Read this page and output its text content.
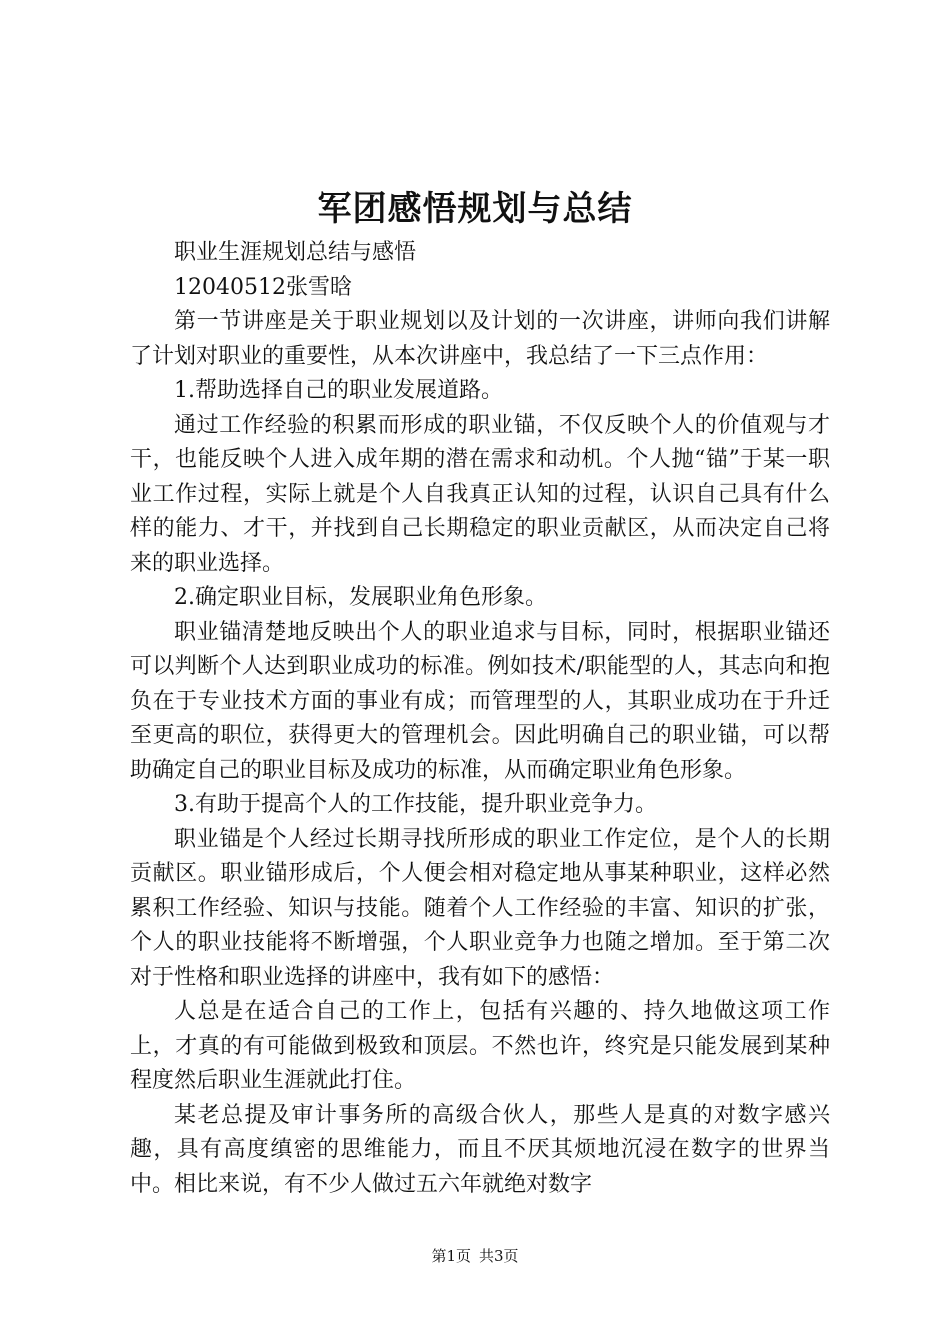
军团感悟规划与总结

职业生涯规划总结与感悟

12040512张雪晗

第一节讲座是关于职业规划以及计划的一次讲座，讲师向我们讲解了计划对职业的重要性，从本次讲座中，我总结了一下三点作用：

1.帮助选择自己的职业发展道路。

通过工作经验的积累而形成的职业锚，不仅反映个人的价值观与才干，也能反映个人进入成年期的潜在需求和动机。个人抛“锚”于某一职业工作过程，实际上就是个人自我真正认知的过程，认识自己具有什么样的能力、才干，并找到自己长期稳定的职业贡献区，从而决定自己将来的职业选择。

2.确定职业目标，发展职业角色形象。

职业锚清楚地反映出个人的职业追求与目标，同时，根据职业锚还可以判断个人达到职业成功的标准。例如技术/职能型的人，其志向和抱负在于专业技术方面的事业有成；而管理型的人，其职业成功在于升迁至更高的职位，获得更大的管理机会。因此明确自己的职业锚，可以帮助确定自己的职业目标及成功的标准，从而确定职业角色形象。

3.有助于提高个人的工作技能，提升职业竞争力。

职业锚是个人经过长期寻找所形成的职业工作定位，是个人的长期贡献区。职业锚形成后，个人便会相对稳定地从事某种职业，这样必然累积工作经验、知识与技能。随着个人工作经验的丰富、知识的扩张，个人的职业技能将不断增强，个人职业竞争力也随之增加。至于第二次对于性格和职业选择的讲座中，我有如下的感悟：

人总是在适合自己的工作上，包括有兴趣的、持久地做这项工作上，才真的有可能做到极致和顶层。不然也许，终究是只能发展到某种程度然后职业生涯就此打住。

某老总提及审计事务所的高级合伙人，那些人是真的对数字感兴趣，具有高度缜密的思维能力，而且不厌其烦地沉浸在数字的世界当中。相比来说，有不少人做过五六年就绝对数字

第1页 共3页
